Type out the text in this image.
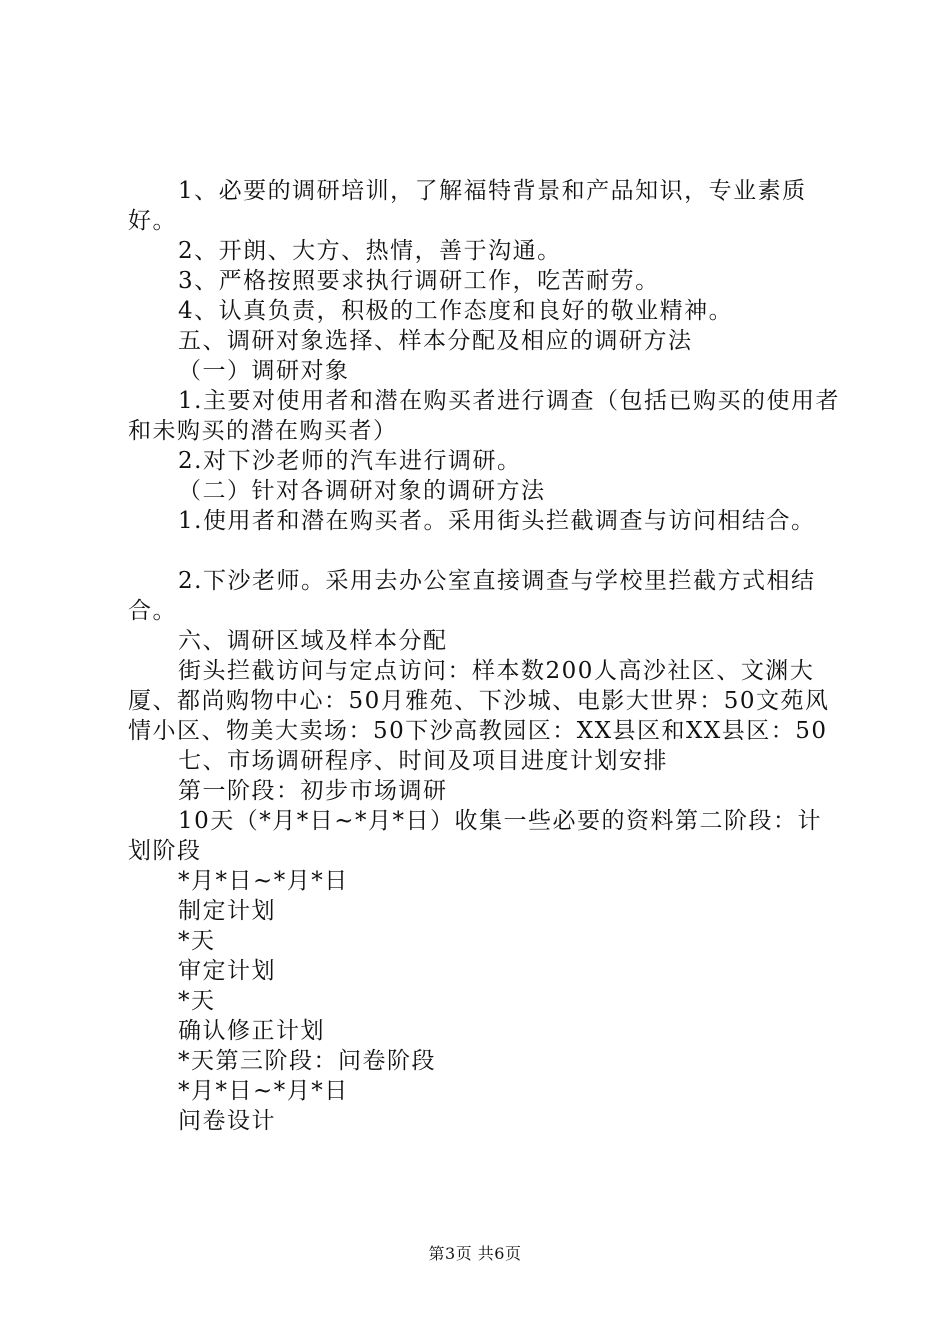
1、必要的调研培训，了解福特背景和产品知识，专业素质好。

2、开朗、大方、热情，善于沟通。

3、严格按照要求执行调研工作，吃苦耐劳。

4、认真负责，积极的工作态度和良好的敬业精神。

五、调研对象选择、样本分配及相应的调研方法

（一）调研对象

1.主要对使用者和潜在购买者进行调查（包括已购买的使用者和未购买的潜在购买者）

2.对下沙老师的汽车进行调研。

（二）针对各调研对象的调研方法

1.使用者和潜在购买者。采用街头拦截调查与访问相结合。

2.下沙老师。采用去办公室直接调查与学校里拦截方式相结合。

六、调研区域及样本分配

街头拦截访问与定点访问：样本数200人高沙社区、文渊大厦、都尚购物中心：50月雅苑、下沙城、电影大世界：50文苑风情小区、物美大卖场：50下沙高教园区：XX县区和XX县区：50

七、市场调研程序、时间及项目进度计划安排

第一阶段：初步市场调研

10天（*月*日~*月*日）收集一些必要的资料第二阶段：计划阶段

*月*日~*月*日

制定计划

*天

审定计划

*天

确认修正计划

*天第三阶段：问卷阶段

*月*日~*月*日

问卷设计

第3页 共6页
